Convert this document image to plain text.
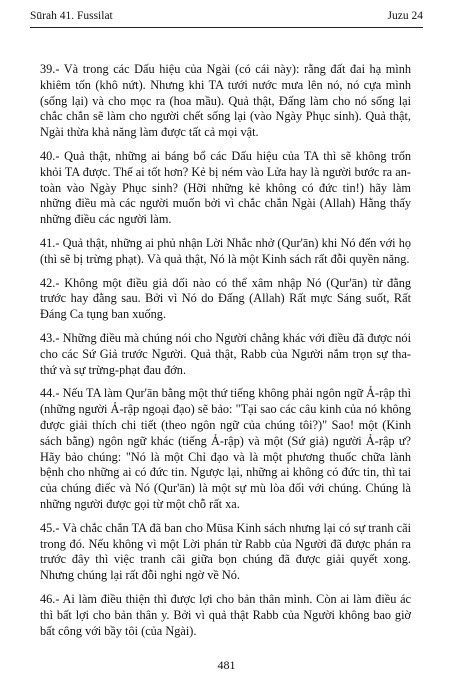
Sūrah 41. Fussilat	Juzu 24

39.- Và trong các Dấu hiệu của Ngài (có cái này): rằng đất đai hạ mình khiêm tốn (khô nứt). Nhưng khi TA tưới nước mưa lên nó, nó cựa mình (sống lại) và cho mọc ra (hoa mầu). Quả thật, Đấng làm cho nó sống lại chắc chắn sẽ làm cho người chết sống lại (vào Ngày Phục sinh). Quả thật, Ngài thừa khả năng làm được tất cả mọi vật.

40.- Quả thật, những ai báng bổ các Dấu hiệu của TA thì sẽ không trốn khỏi TA được. Thế ai tốt hơn? Kẻ bị ném vào Lửa hay là người bước ra an-toàn vào Ngày Phục sinh? (Hỡi những kẻ không có đức tin!) hãy làm những điều mà các người muốn bởi vì chắc chắn Ngài (Allah) Hằng thấy những điều các người làm.

41.- Quả thật, những ai phủ nhận Lời Nhắc nhở (Qur'ān) khi Nó đến với họ (thì sẽ bị trừng phạt). Và quả thật, Nó là một Kinh sách rất đỗi quyền năng.

42.- Không một điều giả dối nào có thể xâm nhập Nó (Qur'ān) từ đằng trước hay đằng sau. Bởi vì Nó do Đấng (Allah) Rất mực Sáng suốt, Rất Đáng Ca tụng ban xuống.

43.- Những điều mà chúng nói cho Người chẳng khác với điều đã được nói cho các Sứ Giả trước Người. Quả thật, Rabb của Người nắm trọn sự tha-thứ và sự trừng-phạt đau đớn.

44.- Nếu TA làm Qur'ān bằng một thứ tiếng không phải ngôn ngữ Ả-rập thì (những người Ả-rập ngoại đạo) sẽ bảo: "Tại sao các câu kinh của nó không được giải thích chi tiết (theo ngôn ngữ của chúng tôi?)" Sao! một (Kinh sách bằng) ngôn ngữ khác (tiếng Ả-rập) và một (Sứ giả) người Ả-rập ư? Hãy bảo chúng: "Nó là một Chỉ đạo và là một phương thuốc chữa lành bệnh cho những ai có đức tin. Ngược lại, những ai không có đức tin, thì tai của chúng điếc và Nó (Qur'ān) là một sự mù lòa đối với chúng. Chúng là những người được gọi từ một chỗ rất xa.

45.- Và chắc chắn TA đã ban cho Mūsa Kinh sách nhưng lại có sự tranh cãi trong đó. Nếu không vì một Lời phán từ Rabb của Người đã được phán ra trước đây thì việc tranh cãi giữa bọn chúng đã được giải quyết xong. Nhưng chúng lại rất đỗi nghi ngờ về Nó.

46.- Ai làm điều thiện thì được lợi cho bản thân mình. Còn ai làm điều ác thì bất lợi cho bản thân y. Bởi vì quả thật Rabb của Người không bao giờ bất công với bầy tôi (của Ngài).

481
